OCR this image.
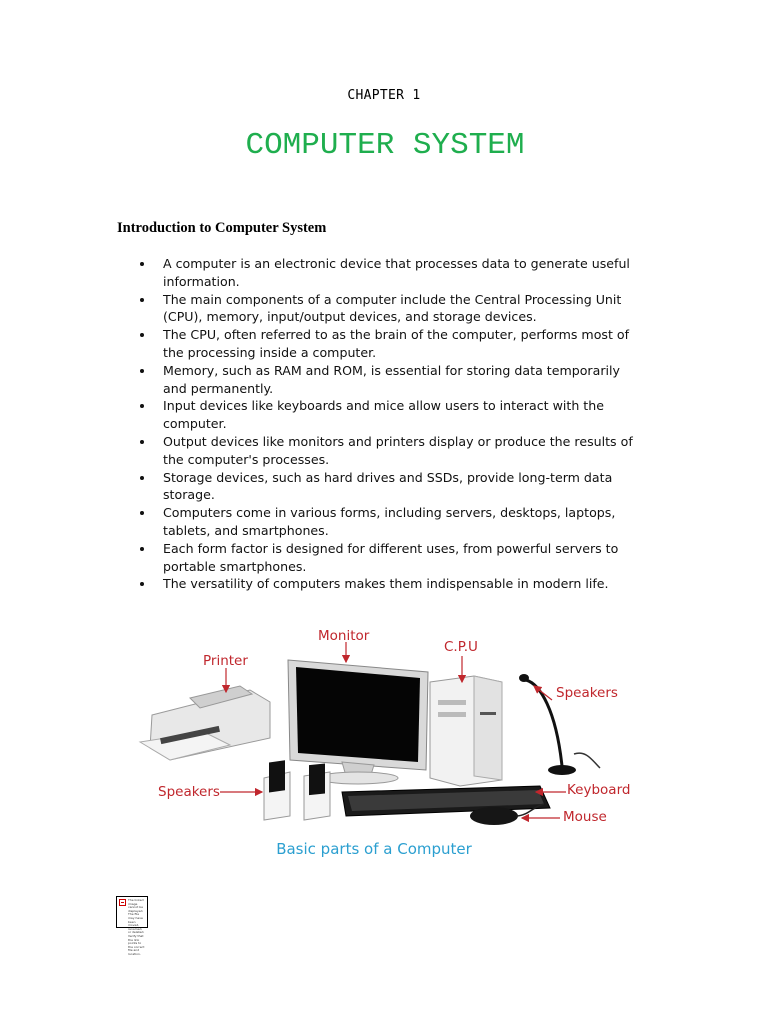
CHAPTER 1
COMPUTER SYSTEM
Introduction to Computer System
A computer is an electronic device that processes data to generate useful information.
The main components of a computer include the Central Processing Unit (CPU), memory, input/output devices, and storage devices.
The CPU, often referred to as the brain of the computer, performs most of the processing inside a computer.
Memory, such as RAM and ROM, is essential for storing data temporarily and permanently.
Input devices like keyboards and mice allow users to interact with the computer.
Output devices like monitors and printers display or produce the results of the computer's processes.
Storage devices, such as hard drives and SSDs, provide long-term data storage.
Computers come in various forms, including servers, desktops, laptops, tablets, and smartphones.
Each form factor is designed for different uses, from powerful servers to portable smartphones.
The versatility of computers makes them indispensable in modern life.
Monitor
C.P.U
Printer
Speakers
Speakers	Keyboard
Mouse
Basic parts of a Computer
The linked image cannot be displayed. The file may have been moved, renamed, or deleted. Verify that the link points to the correct file and location.
